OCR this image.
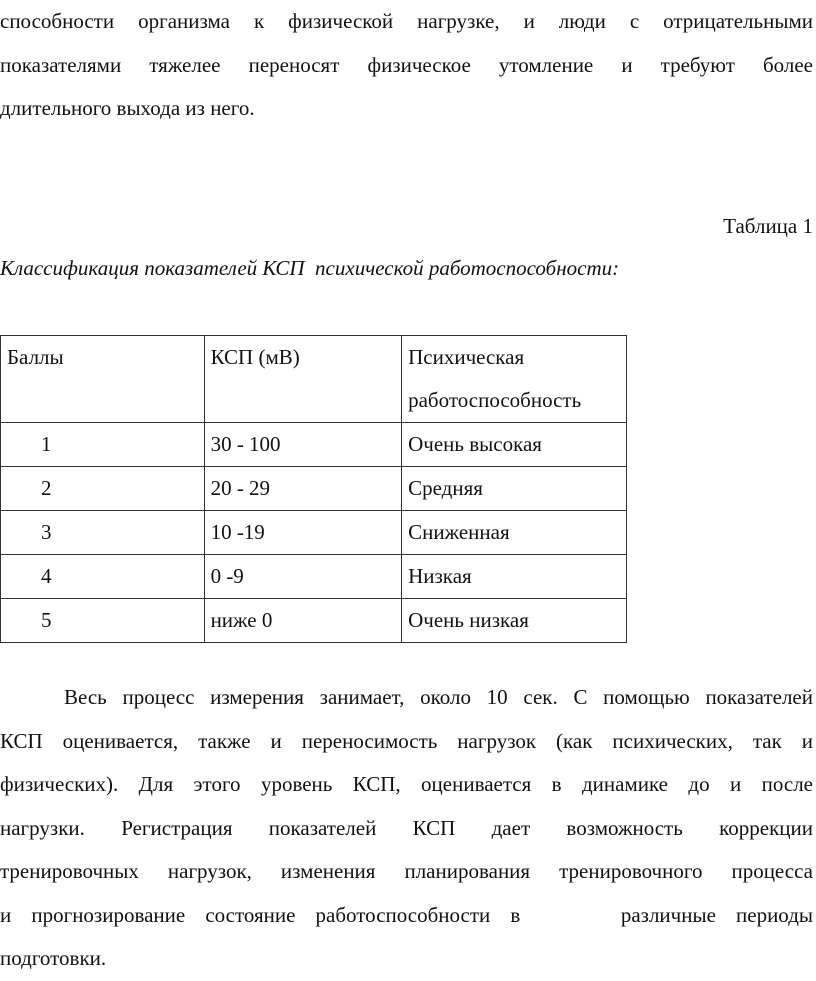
способности организма к физической нагрузке, и люди с отрицательными
показателями тяжелее переносят физическое утомление и требуют более
длительного выхода из него.
Таблица 1
Классификация показателей КСП  психической работоспособности:
Баллы	КСП (мВ)	Психическая работоспособность
1	30 - 100	Очень высокая
2	20 - 29	Средняя
3	10 -19	Сниженная
4	0 -9	Низкая
5	ниже 0	Очень низкая
Весь процесс измерения занимает, около 10 сек. С помощью показателей
КСП оценивается, также и переносимость нагрузок (как психических, так и
физических). Для этого уровень КСП, оценивается в динамике до и после
нагрузки. Регистрация показателей КСП дает возможность коррекции
тренировочных нагрузок, изменения планирования тренировочного процесса
и прогнозирование состояние работоспособности в     различные периоды
подготовки.
